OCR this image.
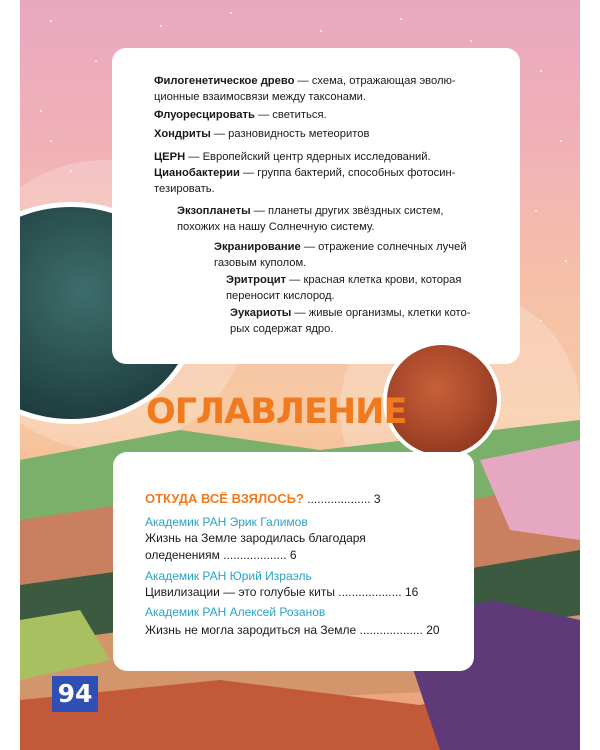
Филогенетическое древо — схема, отражающая эволю-
ционные взаимосвязи между таксонами.

Флуоресцировать — светиться.

Хондриты — разновидность метеоритов

ЦЕРН — Европейский центр ядерных исследований.

Цианобактерии — группа бактерий, способных фотосин-
тезировать.

Экзопланеты — планеты других звёздных систем,
похожих на нашу Солнечную систему.

Экранирование — отражение солнечных лучей
газовым куполом.

Эритроцит — красная клетка крови, которая
переносит кислород.

Эукариоты — живые организмы, клетки кото-
рых содержат ядро.

ОГЛАВЛЕНИЕ

ОТКУДА ВСЁ ВЗЯЛОСЬ? ................... 3

Академик РАН Эрик Галимов

Жизнь на Земле зародилась благодаря
оледенениям ................... 6

Академик РАН Юрий Израэль

Цивилизации — это голубые киты ................... 16

Академик РАН Алексей Розанов

Жизнь не могла зародиться на Земле ................... 20

94
